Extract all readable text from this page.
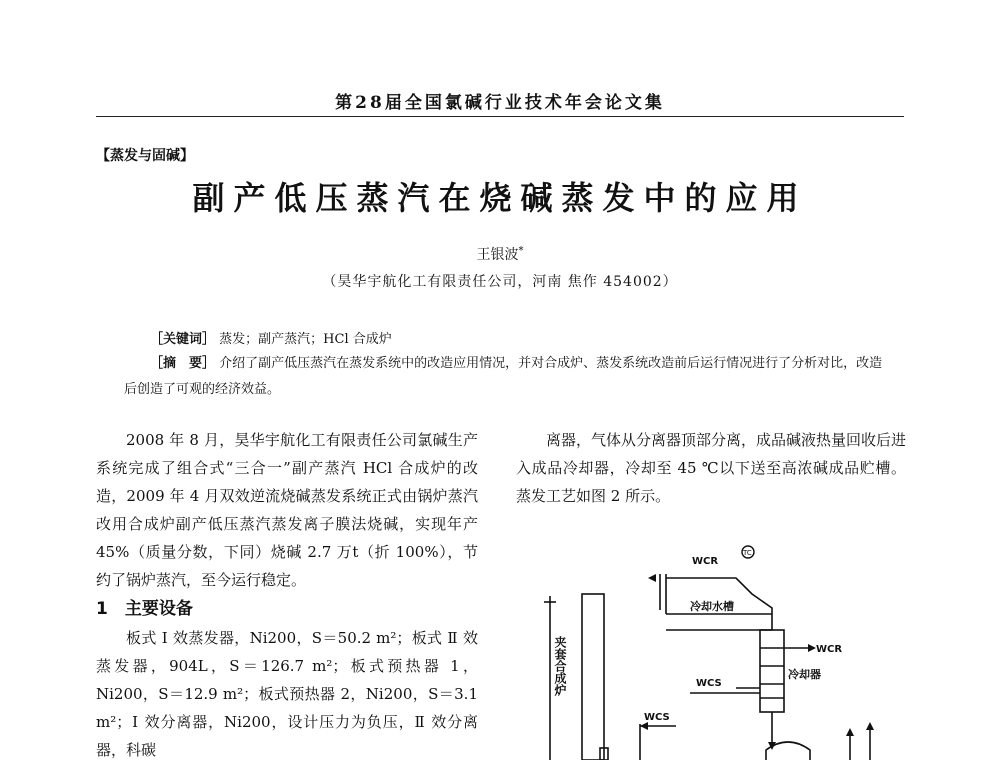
第28届全国氯碱行业技术年会论文集
【蒸发与固碱】
副产低压蒸汽在烧碱蒸发中的应用
王银波*
（昊华宇航化工有限责任公司，河南 焦作 454002）
［关键词］ 蒸发；副产蒸汽；HCl 合成炉
［摘　要］ 介绍了副产低压蒸汽在蒸发系统中的改造应用情况，并对合成炉、蒸发系统改造前后运行情况进行了分析对比，改造后创造了可观的经济效益。

2008 年 8 月，昊华宇航化工有限责任公司氯碱生产系统完成了组合式“三合一”副产蒸汽 HCl 合成炉的改造，2009 年 4 月双效逆流烧碱蒸发系统正式由锅炉蒸汽改用合成炉副产低压蒸汽蒸发离子膜法烧碱，实现年产 45%（质量分数，下同）烧碱 2.7 万t（折 100%），节约了锅炉蒸汽，至今运行稳定。

1　主要设备

板式 Ⅰ 效蒸发器，Ni200，S＝50.2 m²；板式 Ⅱ 效蒸发器，904L，S＝126.7 m²；板式预热器 1，Ni200，S＝12.9 m²；板式预热器 2，Ni200，S＝3.1 m²；Ⅰ 效分离器，Ni200，设计压力为负压，Ⅱ 效分离器，科碳

离器，气体从分离器顶部分离，成品碱液热量回收后进入成品冷却器，冷却至 45 ℃以下送至高浓碱成品贮槽。蒸发工艺如图 2 所示。

TC
WCR
冷却水槽
WCR
冷却器
WCS
WCS
夹套合成炉
